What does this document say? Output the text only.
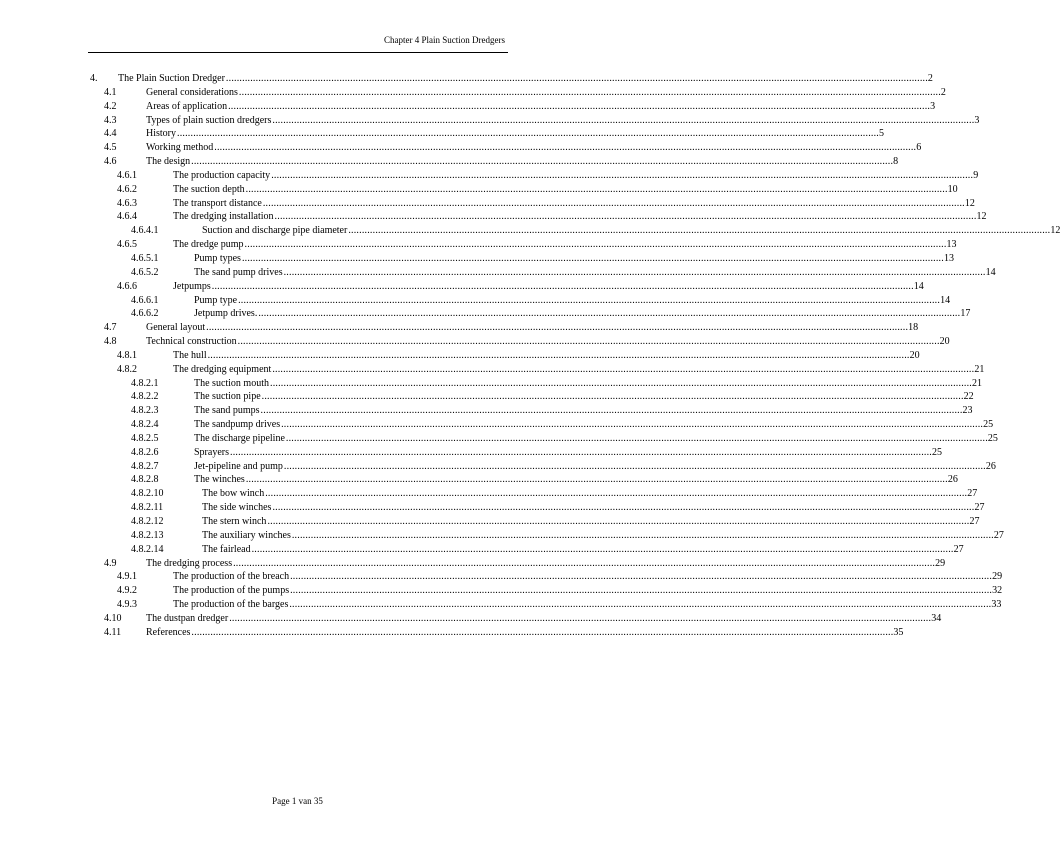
Chapter 4 Plain Suction Dredgers
4. The Plain Suction Dredger .................................................................................................................................................................................................................................................................... 2
4.1	General considerations .................................................................................................................................................................................................................................................................... 2
4.2	Areas of application .................................................................................................................................................................................................................................................................... 3
4.3	Types of plain suction dredgers .................................................................................................................................................................................................................................................................... 3
4.4	History .................................................................................................................................................................................................................................................................... 5
4.5	Working method .................................................................................................................................................................................................................................................................... 6
4.6	The design .................................................................................................................................................................................................................................................................... 8
4.6.1	The production capacity .................................................................................................................................................................................................................................................................... 9
4.6.2	The suction depth .................................................................................................................................................................................................................................................................... 10
4.6.3	The transport distance .................................................................................................................................................................................................................................................................... 12
4.6.4	The dredging installation .................................................................................................................................................................................................................................................................... 12
4.6.4.1	Suction and discharge pipe diameter .................................................................................................................................................................................................................................................................... 12
4.6.5	The dredge pump .................................................................................................................................................................................................................................................................... 13
4.6.5.1	Pump types .................................................................................................................................................................................................................................................................... 13
4.6.5.2	The sand pump drives .................................................................................................................................................................................................................................................................... 14
4.6.6	Jetpumps .................................................................................................................................................................................................................................................................... 14
4.6.6.1	Pump type .................................................................................................................................................................................................................................................................... 14
4.6.6.2	Jetpump drives. .................................................................................................................................................................................................................................................................... 17
4.7	General layout .................................................................................................................................................................................................................................................................... 18
4.8	Technical construction .................................................................................................................................................................................................................................................................... 20
4.8.1	The hull .................................................................................................................................................................................................................................................................... 20
4.8.2	The dredging equipment .................................................................................................................................................................................................................................................................... 21
4.8.2.1	The suction mouth .................................................................................................................................................................................................................................................................... 21
4.8.2.2	The suction pipe .................................................................................................................................................................................................................................................................... 22
4.8.2.3	The sand pumps .................................................................................................................................................................................................................................................................... 23
4.8.2.4	The sandpump drives .................................................................................................................................................................................................................................................................... 25
4.8.2.5	The discharge pipeline .................................................................................................................................................................................................................................................................... 25
4.8.2.6	Sprayers .................................................................................................................................................................................................................................................................... 25
4.8.2.7	Jet-pipeline and pump .................................................................................................................................................................................................................................................................... 26
4.8.2.8	The winches .................................................................................................................................................................................................................................................................... 26
4.8.2.10	The bow winch .................................................................................................................................................................................................................................................................... 27
4.8.2.11	The side winches .................................................................................................................................................................................................................................................................... 27
4.8.2.12	The stern winch .................................................................................................................................................................................................................................................................... 27
4.8.2.13	The auxiliary winches .................................................................................................................................................................................................................................................................... 27
4.8.2.14	The fairlead .................................................................................................................................................................................................................................................................... 27
4.9	The dredging process .................................................................................................................................................................................................................................................................... 29
4.9.1	The production of the breach .................................................................................................................................................................................................................................................................... 29
4.9.2	The production of the pumps .................................................................................................................................................................................................................................................................... 32
4.9.3	The production of the barges .................................................................................................................................................................................................................................................................... 33
4.10 The dustpan dredger .................................................................................................................................................................................................................................................................... 34
4.11 References .................................................................................................................................................................................................................................................................... 35
Page 1 van 35
